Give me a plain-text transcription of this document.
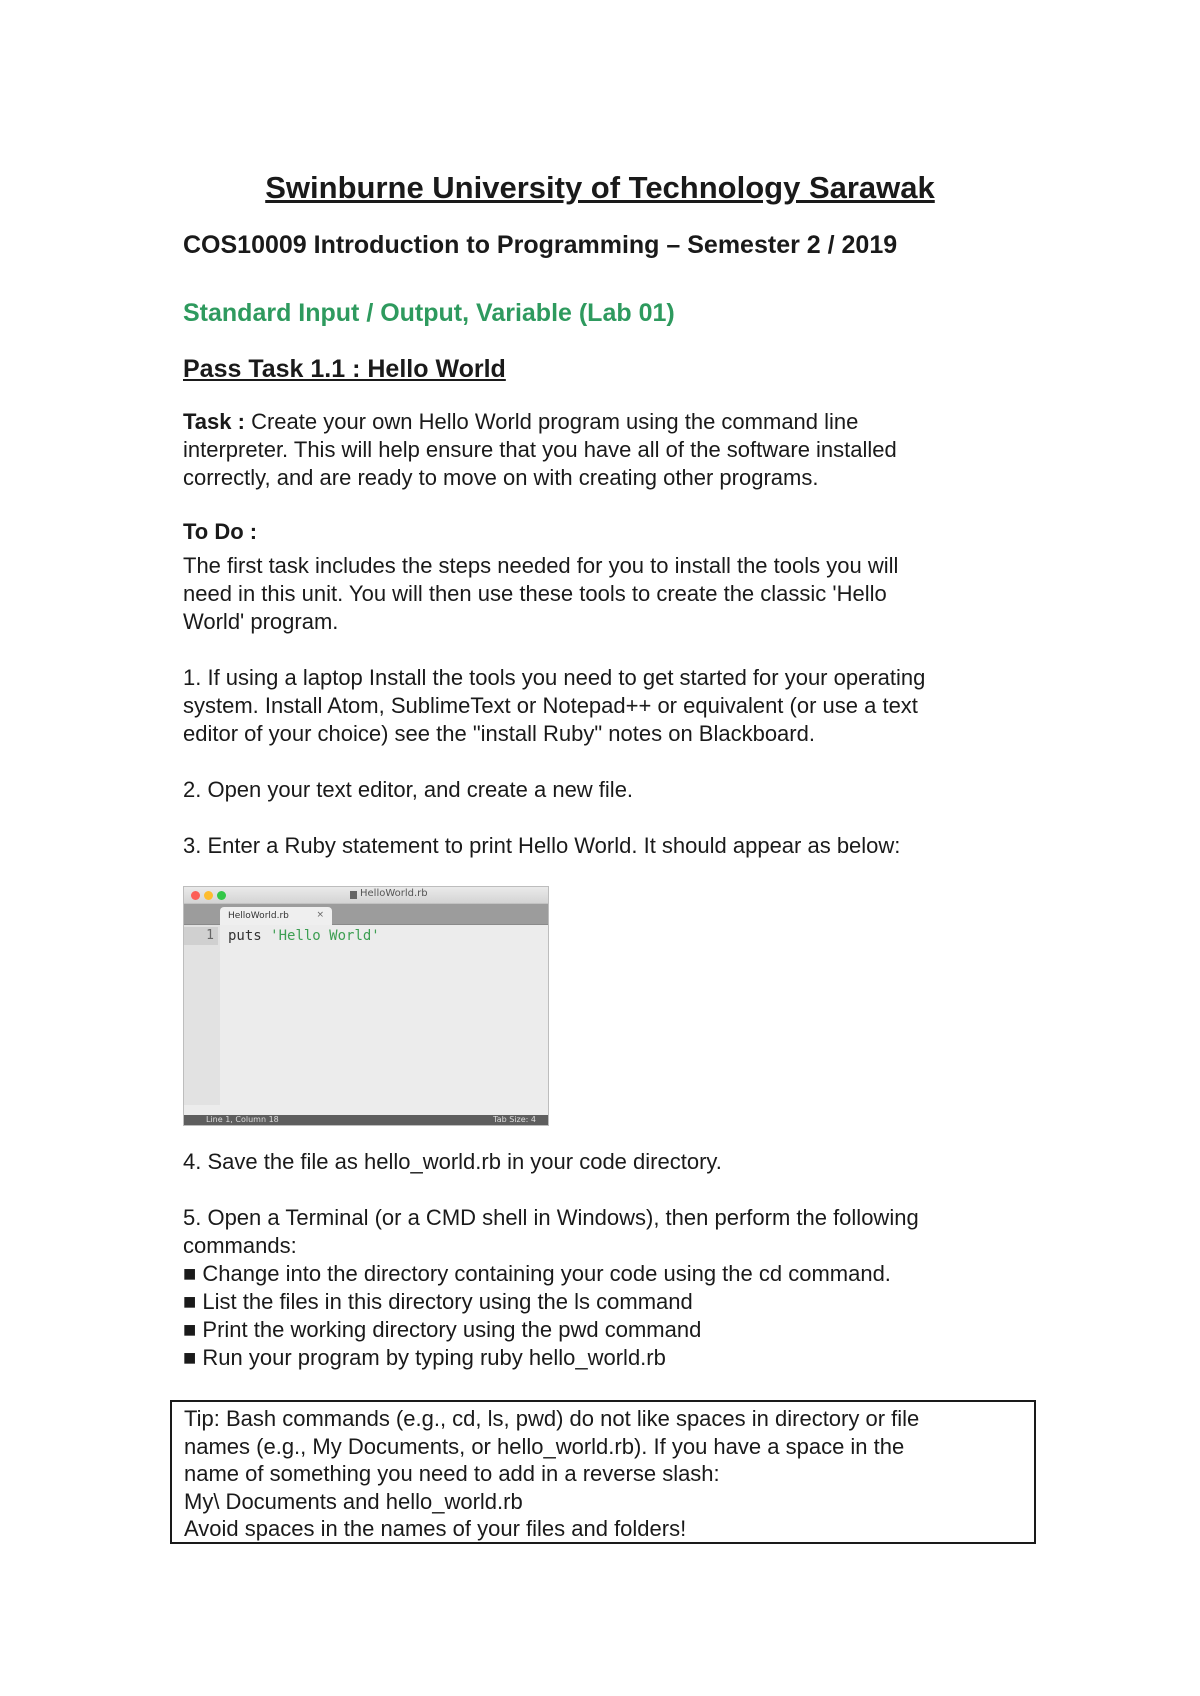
Swinburne University of Technology Sarawak
COS10009 Introduction to Programming – Semester 2 / 2019
Standard Input / Output, Variable (Lab 01)
Pass Task 1.1 : Hello World
Task : Create your own Hello World program using the command line
interpreter. This will help ensure that you have all of the software installed
correctly, and are ready to move on with creating other programs.
To Do :
The first task includes the steps needed for you to install the tools you will
need in this unit. You will then use these tools to create the classic 'Hello
World' program.
1. If using a laptop Install the tools you need to get started for your operating
system. Install Atom, SublimeText or Notepad++ or equivalent (or use a text
editor of your choice) see the "install Ruby" notes on Blackboard.
2. Open your text editor, and create a new file.
3. Enter a Ruby statement to print Hello World. It should appear as below:
HelloWorld.rb
HelloWorld.rb	×
1 puts 'Hello World'
Line 1, Column 18	Tab Size: 4
4. Save the file as hello_world.rb in your code directory.
5. Open a Terminal (or a CMD shell in Windows), then perform the following
commands:
■ Change into the directory containing your code using the cd command.
■ List the files in this directory using the ls command
■ Print the working directory using the pwd command
■ Run your program by typing ruby hello_world.rb
Tip: Bash commands (e.g., cd, ls, pwd) do not like spaces in directory or file
names (e.g., My Documents, or hello_world.rb). If you have a space in the
name of something you need to add in a reverse slash:
My\ Documents and hello_world.rb
Avoid spaces in the names of your files and folders!
